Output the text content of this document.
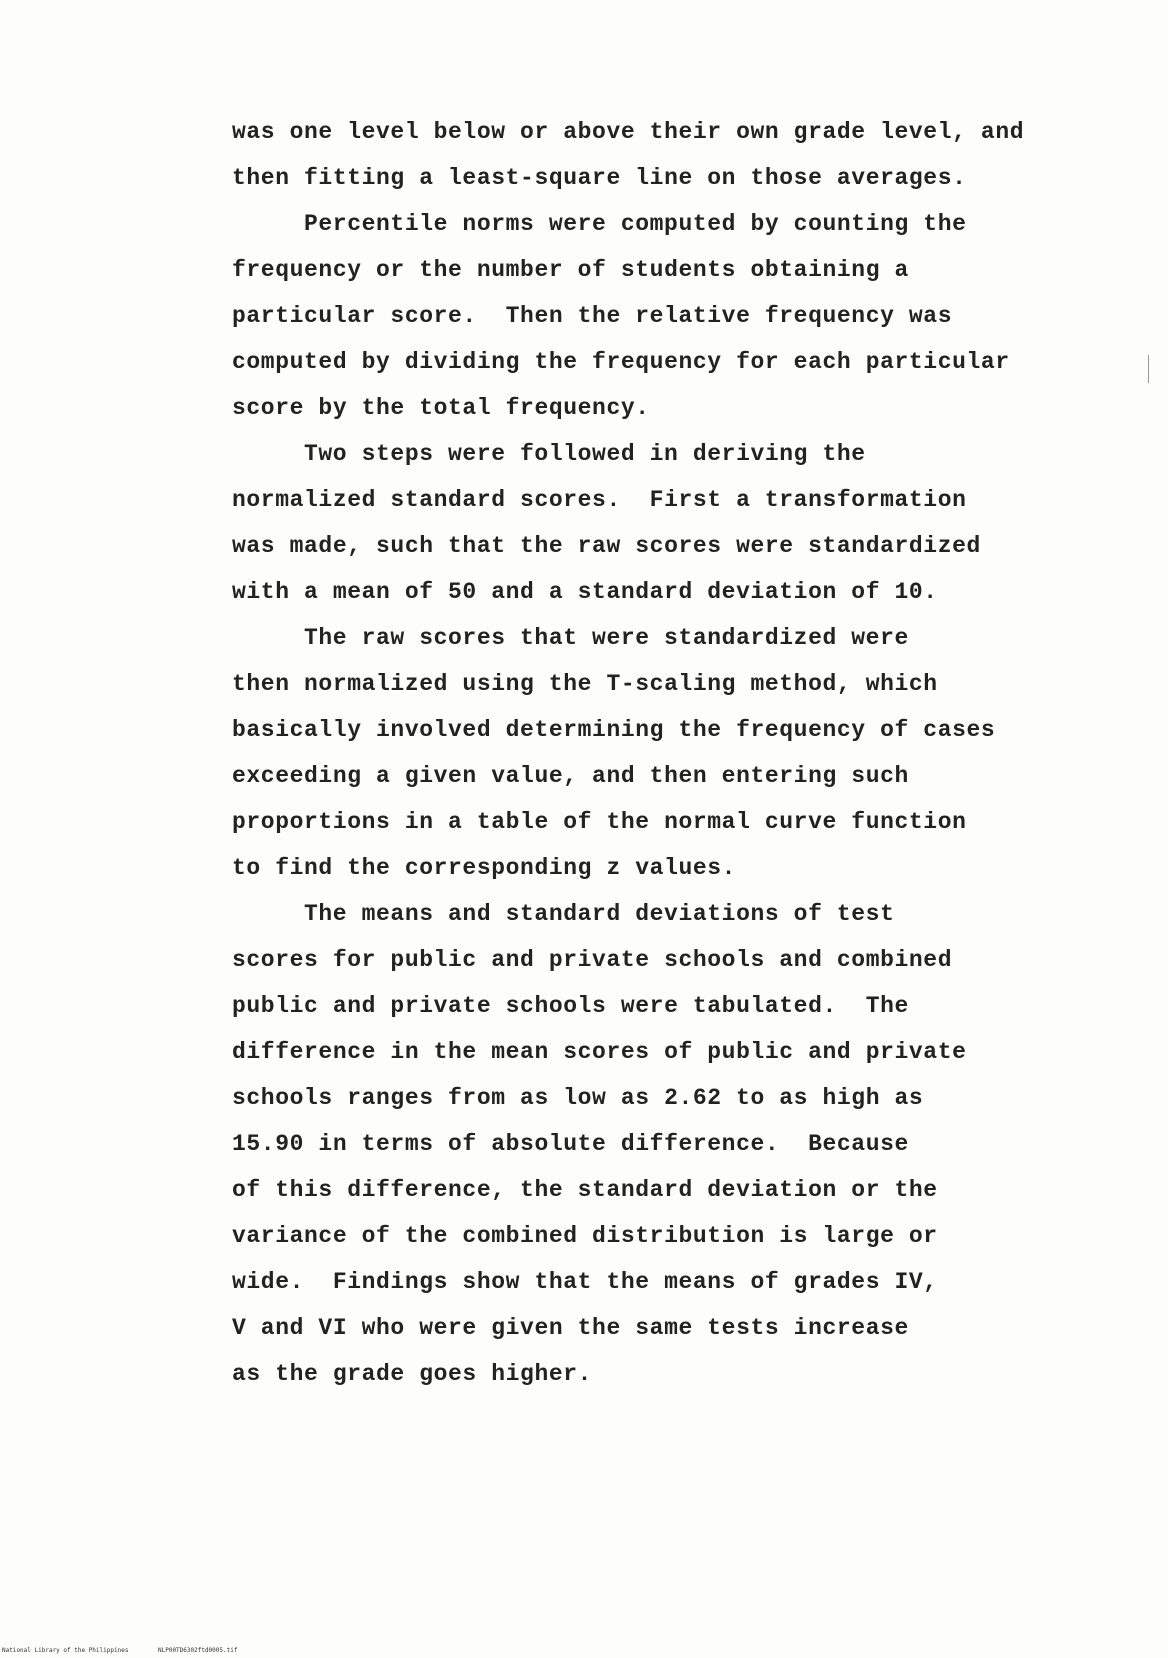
was one level below or above their own grade level, and
then fitting a least-square line on those averages.
Percentile norms were computed by counting the
frequency or the number of students obtaining a
particular score.  Then the relative frequency was
computed by dividing the frequency for each particular
score by the total frequency.
Two steps were followed in deriving the
normalized standard scores.  First a transformation
was made, such that the raw scores were standardized
with a mean of 50 and a standard deviation of 10.
The raw scores that were standardized were
then normalized using the T-scaling method, which
basically involved determining the frequency of cases
exceeding a given value, and then entering such
proportions in a table of the normal curve function
to find the corresponding z values.
The means and standard deviations of test
scores for public and private schools and combined
public and private schools were tabulated.  The
difference in the mean scores of public and private
schools ranges from as low as 2.62 to as high as
15.90 in terms of absolute difference.  Because
of this difference, the standard deviation or the
variance of the combined distribution is large or
wide.  Findings show that the means of grades IV,
V and VI who were given the same tests increase
as the grade goes higher.
National Library of the Philippines	NLP00TD6302ftd0005.tif
